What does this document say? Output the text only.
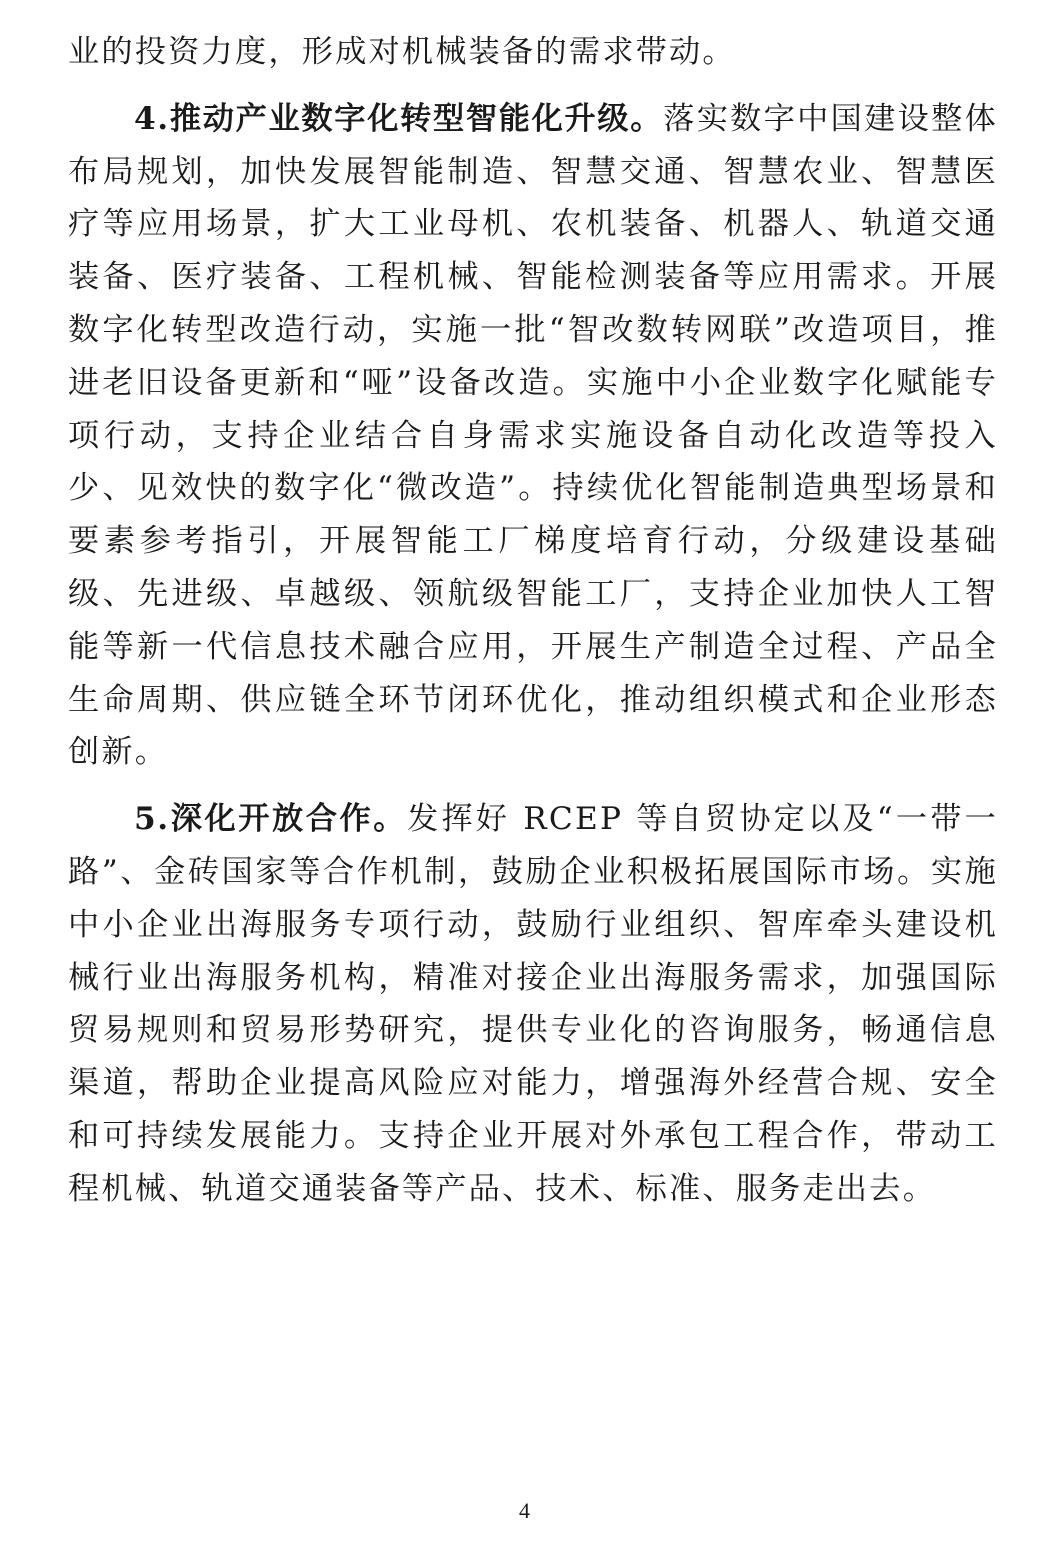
业的投资力度，形成对机械装备的需求带动。

4.推动产业数字化转型智能化升级。落实数字中国建设整体布局规划，加快发展智能制造、智慧交通、智慧农业、智慧医疗等应用场景，扩大工业母机、农机装备、机器人、轨道交通装备、医疗装备、工程机械、智能检测装备等应用需求。开展数字化转型改造行动，实施一批“智改数转网联”改造项目，推进老旧设备更新和“哑”设备改造。实施中小企业数字化赋能专项行动，支持企业结合自身需求实施设备自动化改造等投入少、见效快的数字化“微改造”。持续优化智能制造典型场景和要素参考指引，开展智能工厂梯度培育行动，分级建设基础级、先进级、卓越级、领航级智能工厂，支持企业加快人工智能等新一代信息技术融合应用，开展生产制造全过程、产品全生命周期、供应链全环节闭环优化，推动组织模式和企业形态创新。

5.深化开放合作。发挥好 RCEP 等自贸协定以及“一带一路”、金砖国家等合作机制，鼓励企业积极拓展国际市场。实施中小企业出海服务专项行动，鼓励行业组织、智库牵头建设机械行业出海服务机构，精准对接企业出海服务需求，加强国际贸易规则和贸易形势研究，提供专业化的咨询服务，畅通信息渠道，帮助企业提高风险应对能力，增强海外经营合规、安全和可持续发展能力。支持企业开展对外承包工程合作，带动工程机械、轨道交通装备等产品、技术、标准、服务走出去。

4
